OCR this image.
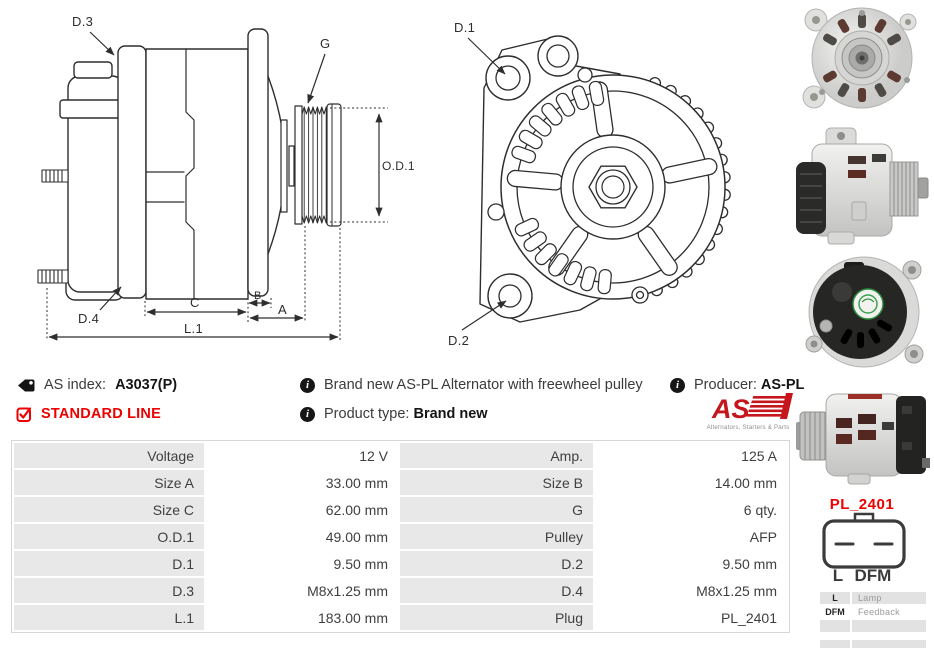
D.3
G
O.D.1
D.4
C	B
A
L.1
D.1
D.2
AS index: A3037(P)
STANDARD LINE
i
Brand new AS-PL Alternator with freewheel pulley
i
Product type: Brand new
i
Producer: AS-PL
AS
Alternators, Starters & Parts
Voltage	12 V	Amp.	125 A
Size A	33.00 mm	Size B	14.00 mm
Size C	62.00 mm	G	6 qty.
O.D.1	49.00 mm	Pulley	AFP
D.1	9.50 mm	D.2	9.50 mm
D.3	M8x1.25 mm	D.4	M8x1.25 mm
L.1	183.00 mm	Plug	PL_2401
PL_2401
L DFM
L	Lamp
DFM	Feedback
